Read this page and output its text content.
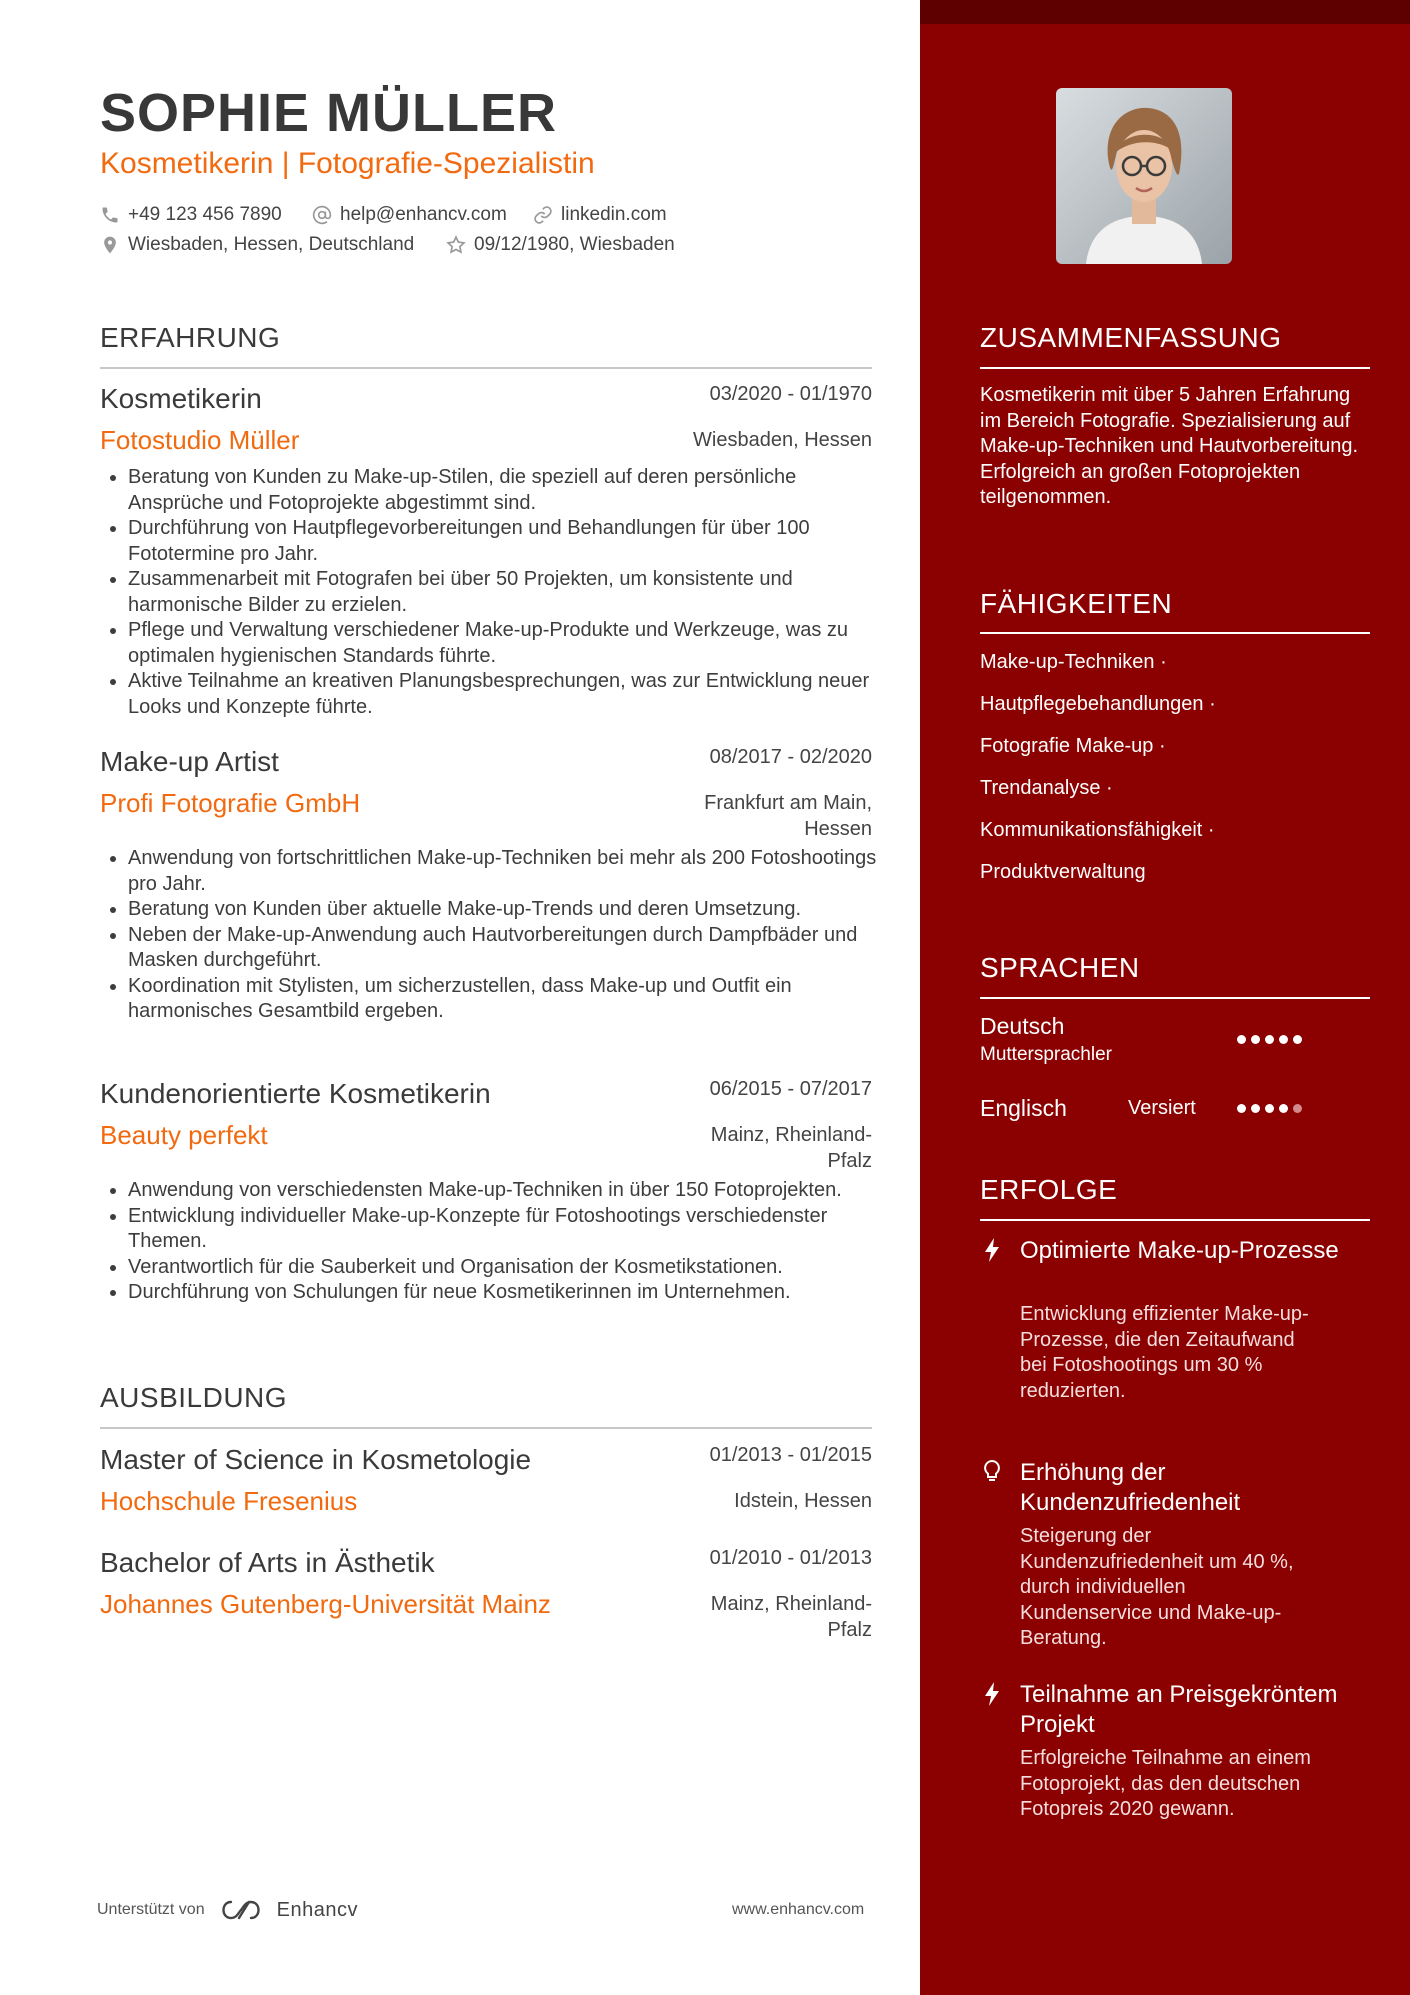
SOPHIE MÜLLER
Kosmetikerin | Fotografie-Spezialistin
+49 123 456 7890	help@enhancv.com	linkedin.com
Wiesbaden, Hessen, Deutschland	09/12/1980, Wiesbaden
ERFAHRUNG
Kosmetikerin	03/2020 - 01/1970
Fotostudio Müller	Wiesbaden, Hessen
• Beratung von Kunden zu Make-up-Stilen, die speziell auf deren persönliche Ansprüche und Fotoprojekte abgestimmt sind.
• Durchführung von Hautpflegevorbereitungen und Behandlungen für über 100 Fototermine pro Jahr.
• Zusammenarbeit mit Fotografen bei über 50 Projekten, um konsistente und harmonische Bilder zu erzielen.
• Pflege und Verwaltung verschiedener Make-up-Produkte und Werkzeuge, was zu optimalen hygienischen Standards führte.
• Aktive Teilnahme an kreativen Planungsbesprechungen, was zur Entwicklung neuer Looks und Konzepte führte.
Make-up Artist	08/2017 - 02/2020
Profi Fotografie GmbH	Frankfurt am Main, Hessen
• Anwendung von fortschrittlichen Make-up-Techniken bei mehr als 200 Fotoshootings pro Jahr.
• Beratung von Kunden über aktuelle Make-up-Trends und deren Umsetzung.
• Neben der Make-up-Anwendung auch Hautvorbereitungen durch Dampfbäder und Masken durchgeführt.
• Koordination mit Stylisten, um sicherzustellen, dass Make-up und Outfit ein harmonisches Gesamtbild ergeben.
Kundenorientierte Kosmetikerin	06/2015 - 07/2017
Beauty perfekt	Mainz, Rheinland-Pfalz
• Anwendung von verschiedensten Make-up-Techniken in über 150 Fotoprojekten.
• Entwicklung individueller Make-up-Konzepte für Fotoshootings verschiedenster Themen.
• Verantwortlich für die Sauberkeit und Organisation der Kosmetikstationen.
• Durchführung von Schulungen für neue Kosmetikerinnen im Unternehmen.
AUSBILDUNG
Master of Science in Kosmetologie	01/2013 - 01/2015
Hochschule Fresenius	Idstein, Hessen
Bachelor of Arts in Ästhetik	01/2010 - 01/2013
Johannes Gutenberg-Universität Mainz	Mainz, Rheinland-Pfalz
Unterstützt von	Enhancv	www.enhancv.com
ZUSAMMENFASSUNG

Kosmetikerin mit über 5 Jahren Erfahrung im Bereich Fotografie. Spezialisierung auf Make-up-Techniken und Hautvorbereitung. Erfolgreich an großen Fotoprojekten teilgenommen.

FÄHIGKEITEN
Make-up-Techniken ·
Hautpflegebehandlungen ·
Fotografie Make-up ·
Trendanalyse ·
Kommunikationsfähigkeit ·
Produktverwaltung
SPRACHEN
Deutsch
Muttersprachler
Englisch	Versiert
ERFOLGE
Optimierte Make-up-Prozesse
Entwicklung effizienter Make-up-Prozesse, die den Zeitaufwand bei Fotoshootings um 30 % reduzierten.
Erhöhung der Kundenzufriedenheit
Steigerung der Kundenzufriedenheit um 40 %, durch individuellen Kundenservice und Make-up-Beratung.
Teilnahme an Preisgekröntem Projekt
Erfolgreiche Teilnahme an einem Fotoprojekt, das den deutschen Fotopreis 2020 gewann.
